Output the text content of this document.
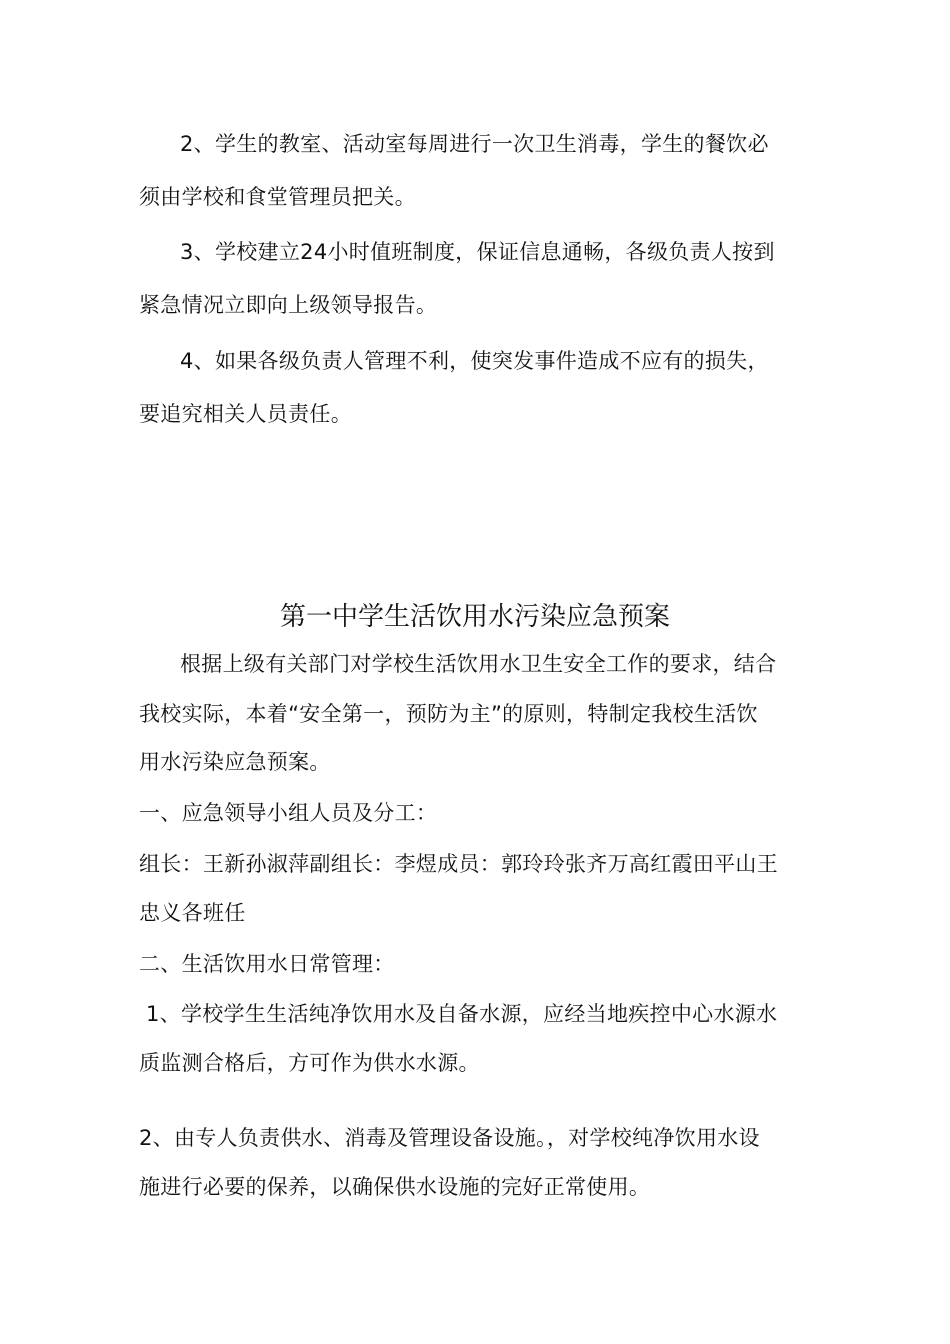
2、学生的教室、活动室每周进行一次卫生消毒，学生的餐饮必
须由学校和食堂管理员把关。
3、学校建立24小时值班制度，保证信息通畅，各级负责人按到
紧急情况立即向上级领导报告。
4、如果各级负责人管理不利，使突发事件造成不应有的损失，
要追究相关人员责任。
第一中学生活饮用水污染应急预案
根据上级有关部门对学校生活饮用水卫生安全工作的要求，结合
我校实际，本着“安全第一，预防为主”的原则，特制定我校生活饮
用水污染应急预案。
一、应急领导小组人员及分工：
组长：王新孙淑萍副组长：李煜成员：郭玲玲张齐万高红霞田平山王
忠义各班任
二、生活饮用水日常管理：
1、学校学生生活纯净饮用水及自备水源，应经当地疾控中心水源水
质监测合格后，方可作为供水水源。
2、由专人负责供水、消毒及管理设备设施。，对学校纯净饮用水设
施进行必要的保养，以确保供水设施的完好正常使用。
